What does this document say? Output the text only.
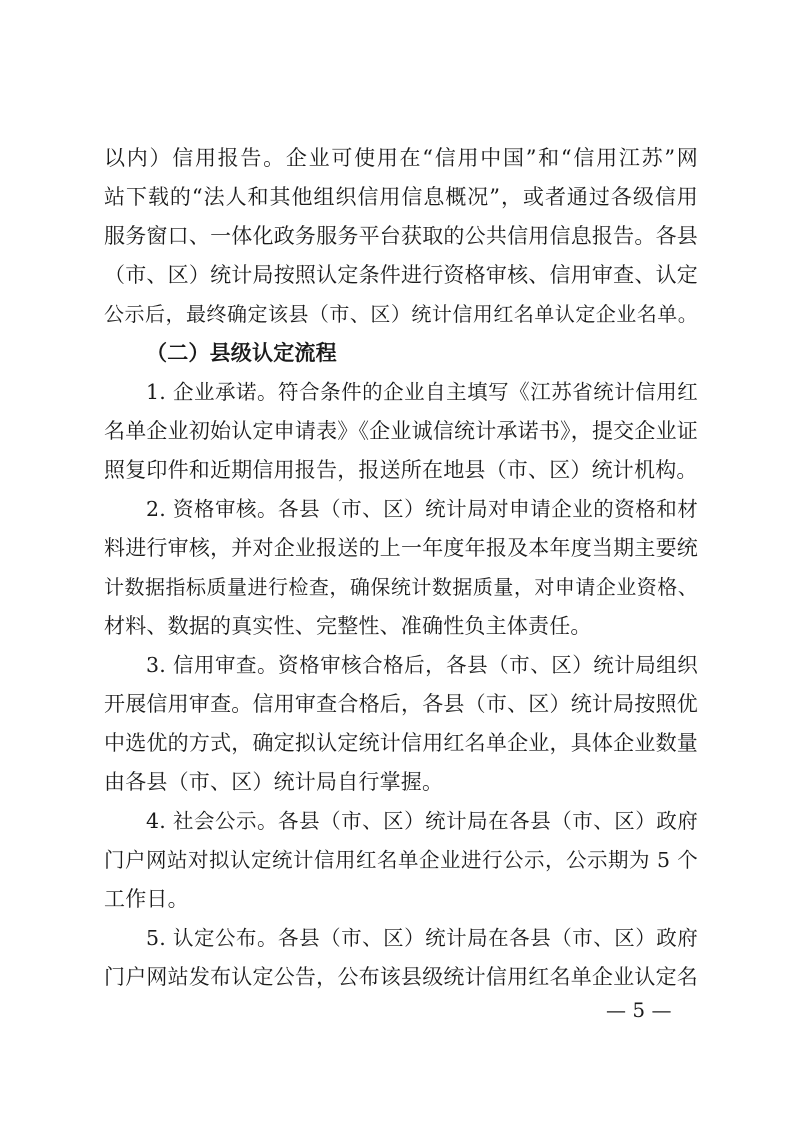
以内）信用报告。企业可使用在“信用中国”和“信用江苏”网
站下载的“法人和其他组织信用信息概况”，或者通过各级信用
服务窗口、一体化政务服务平台获取的公共信用信息报告。各县
（市、区）统计局按照认定条件进行资格审核、信用审查、认定
公示后，最终确定该县（市、区）统计信用红名单认定企业名单。
（二）县级认定流程
1. 企业承诺。符合条件的企业自主填写《江苏省统计信用红
名单企业初始认定申请表》《企业诚信统计承诺书》，提交企业证
照复印件和近期信用报告，报送所在地县（市、区）统计机构。
2. 资格审核。各县（市、区）统计局对申请企业的资格和材
料进行审核，并对企业报送的上一年度年报及本年度当期主要统
计数据指标质量进行检查，确保统计数据质量，对申请企业资格、
材料、数据的真实性、完整性、准确性负主体责任。
3. 信用审查。资格审核合格后，各县（市、区）统计局组织
开展信用审查。信用审查合格后，各县（市、区）统计局按照优
中选优的方式，确定拟认定统计信用红名单企业，具体企业数量
由各县（市、区）统计局自行掌握。
4. 社会公示。各县（市、区）统计局在各县（市、区）政府
门户网站对拟认定统计信用红名单企业进行公示，公示期为 5 个
工作日。
5. 认定公布。各县（市、区）统计局在各县（市、区）政府
门户网站发布认定公告，公布该县级统计信用红名单企业认定名
— 5 —
